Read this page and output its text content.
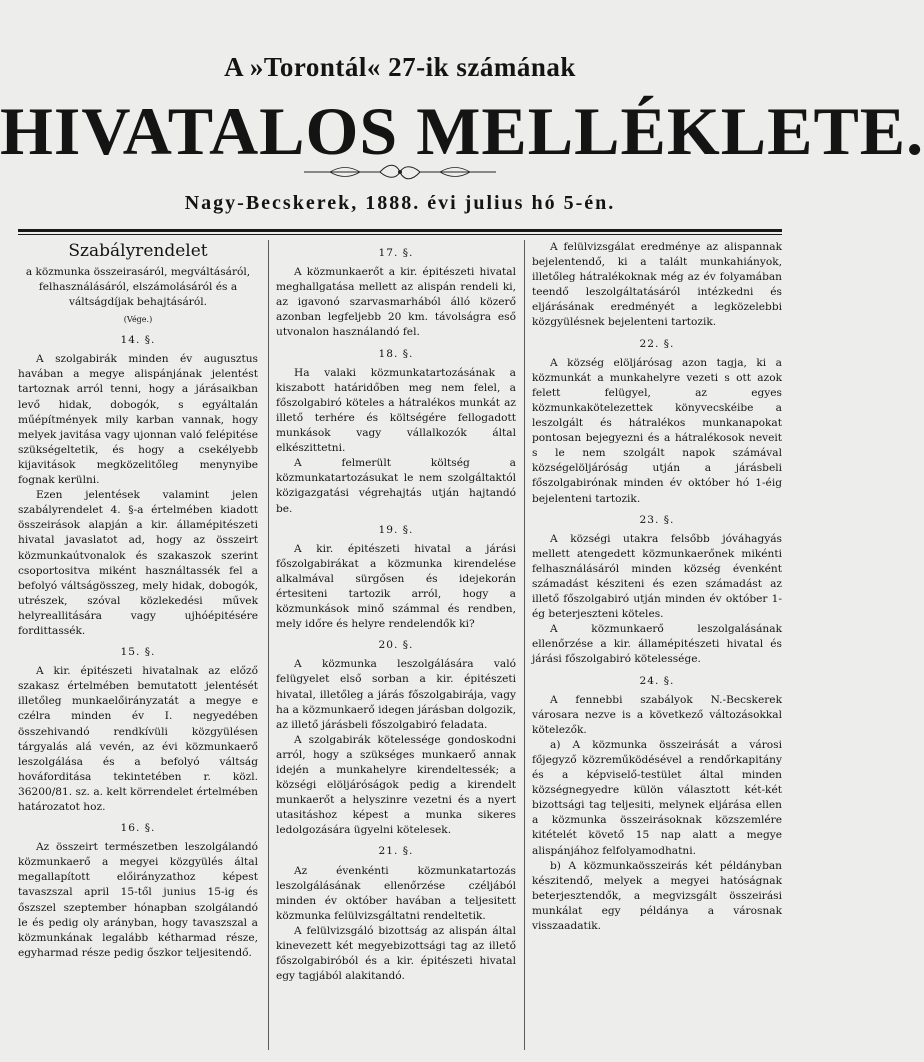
A »Torontál« 27-ik számának
HIVATALOS MELLÉKLETE.
Nagy-Becskerek, 1888. évi julius hó 5-én.
Szabályrendelet
a közmunka összeirasáról, megváltásáról, felhasználásáról, elszámolásáról és a váltságdíjak behajtásáról.
(Vége.)
14. §.

A szolgabirák minden év augusztus havában a megye alispánjának jelentést tartoznak arról tenni, hogy a járásaikban levő hidak, dobogók, s egyáltalán műépítmények mily karban vannak, hogy melyek javitása vagy ujonnan való felépitése szükségeltetik, és hogy a csekélyebb kijavitások megközelitőleg menynyibe fognak kerülni.

Ezen jelentések valamint jelen szabályrendelet 4. §-a értelmében kiadott összeirások alapján a kir. államépitészeti hivatal javaslatot ad, hogy az összeirt közmunkaútvonalok és szakaszok szerint csoportositva miként használtassék fel a befolyó váltságösszeg, mely hidak, dobogók, utrészek, szóval közlekedési művek helyreallitására vagy ujhóépitésére fordittassék.

15. §.

A kir. épitészeti hivatalnak az előző szakasz értelmében bemutatott jelentését illetőleg munkaelőirányzatát a megye e czélra minden év I. negyedében összehivandó rendkívüli közgyülésen tárgyalás alá vevén, az évi közmunkaerő leszolgálása és a befolyó váltság hováforditása tekintetében r. közl. 36200/81. sz. a. kelt körrendelet értelmében határozatot hoz.

16. §.

Az összeirt természetben leszolgálandó közmunkaerő a megyei közgyülés által megallapított előirányzathoz képest tavaszszal april 15-től junius 15-ig és őszszel szeptember hónapban szolgálandó le és pedig oly arányban, hogy tavaszszal a közmunkának legalább kétharmad része, egyharmad része pedig őszkor teljesitendő.

17. §.

A közmunkaerőt a kir. épitészeti hivatal meghallgatása mellett az alispán rendeli ki, az igavonó szarvasmarhából álló közerő azonban legfeljebb 20 km. távolságra eső utvonalon használandó fel.

18. §.

Ha valaki közmunkatartozásának a kiszabott határidőben meg nem felel, a főszolgabiró köteles a hátralékos munkát az illető terhére és költségére fellogadott munkások vagy vállalkozók által elkészittetni.

A felmerült költség a közmunkatartozásukat le nem szolgáltaktól közigazgatási végrehajtás utján hajtandó be.

19. §.

A kir. épitészeti hivatal a járási főszolgabirákat a közmunka kirendelése alkalmával sürgősen és idejekorán értesiteni tartozik arról, hogy a közmunkások minő számmal és rendben, mely időre és helyre rendelendők ki?

20. §.

A közmunka leszolgálására való felügyelet első sorban a kir. épitészeti hivatal, illetőleg a járás főszolgabirája, vagy ha a közmunkaerő idegen járásban dolgozik, az illető járásbeli főszolgabiró feladata.

A szolgabirák kötelessége gondoskodni arról, hogy a szükséges munkaerő annak idején a munkahelyre kirendeltessék; a községi elöljáróságok pedig a kirendelt munkaerőt a helyszinre vezetni és a nyert utasitáshoz képest a munka sikeres ledolgozására ügyelni kötelesek.

21. §.

Az évenkénti közmunkatartozás leszolgálásának ellenőrzése czéljából minden év október havában a teljesitett közmunka felülvizsgáltatni rendeltetik.

A felülvizsgáló bizottság az alispán által kinevezett két megyebizottsági tag az illető főszolgabiróból és a kir. épitészeti hivatal egy tagjából alakitandó.

A felülvizsgálat eredménye az alispannak bejelentendő, ki a talált munkahiányok, illetőleg hátralékoknak még az év folyamában teendő leszolgáltatásáról intézkedni és eljárásának eredményét a legközelebbi közgyülésnek bejelenteni tartozik.

22. §.

A község elöljárósag azon tagja, ki a közmunkát a munkahelyre vezeti s ott azok felett felügyel, az egyes közmunkakötelezettek könyvecskéibe a leszolgált és hátralékos munkanapokat pontosan bejegyezni és a hátralékosok neveit s le nem szolgált napok számával községelöljáróság utján a járásbeli főszolgabirónak minden év október hó 1-éig bejelenteni tartozik.

23. §.

A községi utakra felsőbb jóváhagyás mellett atengedett közmunkaerőnek mikénti felhasználásáról minden község évenként számadást késziteni és ezen számadást az illető főszolgabiró utján minden év október 1-ég beterjeszteni köteles.

A közmunkaerő leszolgalásának ellenőrzése a kir. államépitészeti hivatal és járási főszolgabiró kötelessége.

24. §.

A fennebbi szabályok N.-Becskerek városara nezve is a következő változásokkal kötelezők.

a) A közmunka összeirását a városi főjegyző közreműködésével a rendőrkapitány és a képviselő-testület által minden községnegyedre külön választott két-két bizottsági tag teljesiti, melynek eljárása ellen a közmunka összeirásoknak közszemlére kitételét követő 15 nap alatt a megye alispánjához felfolyamodhatni.

b) A közmunkaösszeirás két példányban készitendő, melyek a megyei hatóságnak beterjesztendők, a megvizsgált összeirási munkálat egy példánya a városnak visszaadatik.
